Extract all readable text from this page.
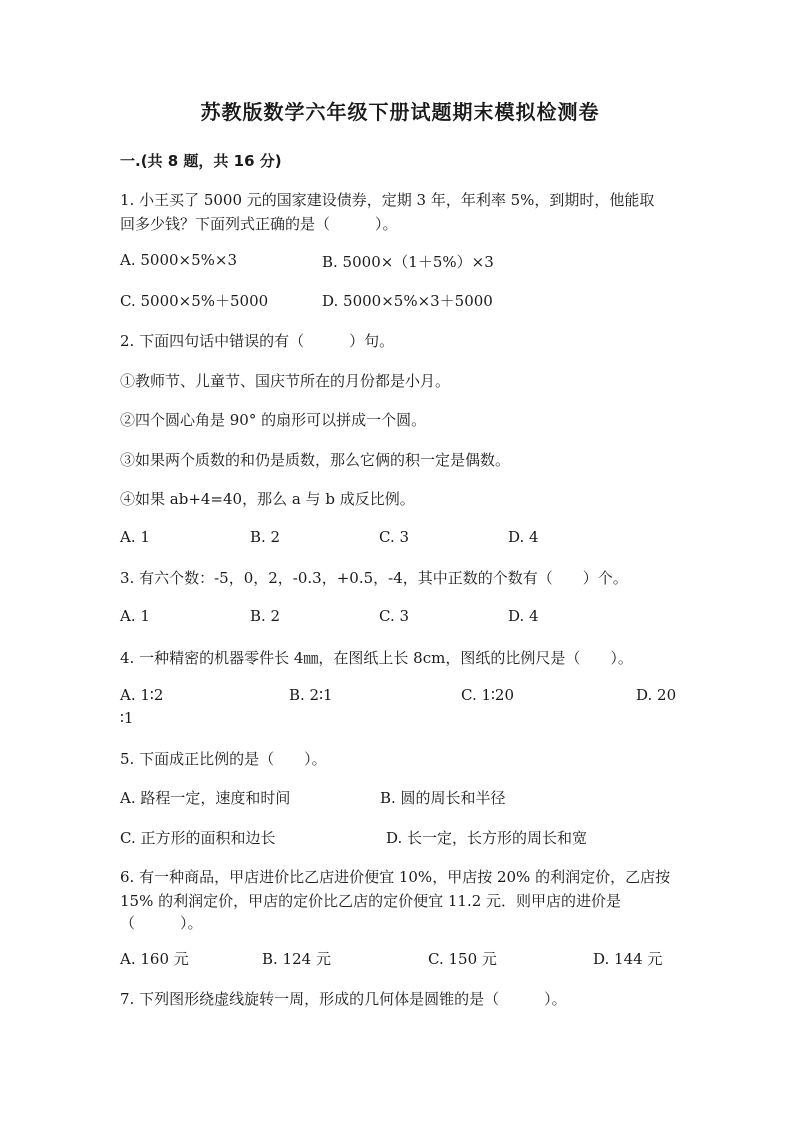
苏教版数学六年级下册试题期末模拟检测卷
一.(共 8 题，共 16 分)
1. 小王买了 5000 元的国家建设债券，定期 3 年，年利率 5%，到期时，他能取
回多少钱？下面列式正确的是（　　　）。
A. 5000×5%×3	B. 5000×（1＋5%）×3
C. 5000×5%＋5000	D. 5000×5%×3＋5000
2. 下面四句话中错误的有（　　　）句。
①教师节、儿童节、国庆节所在的月份都是小月。
②四个圆心角是 90° 的扇形可以拼成一个圆。
③如果两个质数的和仍是质数，那么它俩的积一定是偶数。
④如果 ab+4=40，那么 a 与 b 成反比例。
A. 1	B. 2	C. 3	D. 4
3. 有六个数：-5，0，2，-0.3，+0.5，-4，其中正数的个数有（　　）个。
A. 1	B. 2	C. 3	D. 4
4. 一种精密的机器零件长 4㎜，在图纸上长 8cm，图纸的比例尺是（　　）。
A. 1∶2	B. 2∶1	C. 1∶20	D. 20
∶1
5. 下面成正比例的是（　　）。
A. 路程一定，速度和时间	B. 圆的周长和半径
C. 正方形的面积和边长	D. 长一定，长方形的周长和宽
6. 有一种商品，甲店进价比乙店进价便宜 10%，甲店按 20% 的利润定价，乙店按
15% 的利润定价，甲店的定价比乙店的定价便宜 11.2 元．则甲店的进价是
（　　　）。
A. 160 元	B. 124 元	C. 150 元	D. 144 元
7. 下列图形绕虚线旋转一周，形成的几何体是圆锥的是（　　　）。
